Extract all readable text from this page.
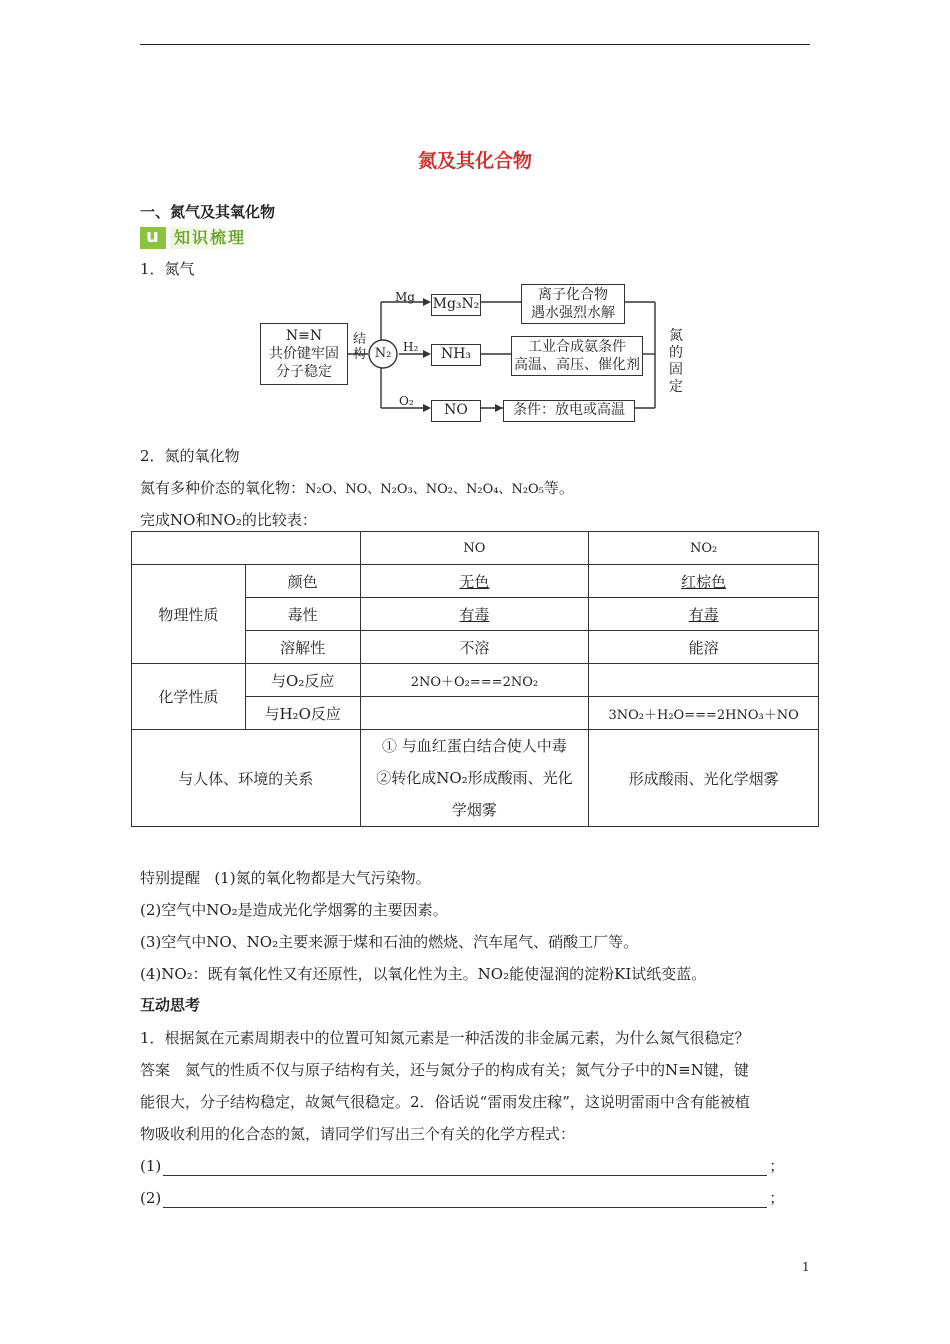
氮及其化合物
一、氮气及其氧化物
u 知识梳理
1．氮气
N≡N
共价键牢固
分子稳定
结构 N₂
Mg
H₂
O₂
Mg₃N₂
NH₃
NO
离子化合物
遇水强烈水解
工业合成氨条件
高温、高压、催化剂
条件：放电或高温
氮
的
固
定
2．氮的氧化物
氮有多种价态的氧化物：N₂O、NO、N₂O₃、NO₂、N₂O₄、N₂O₅等。
完成NO和NO₂的比较表：
		NO	NO₂
物理性质	颜色	无色	红棕色
	毒性	有毒	有毒
	溶解性	不溶	能溶
化学性质	与O₂反应	2NO＋O₂===2NO₂	
	与H₂O反应		3NO₂＋H₂O===2HNO₃＋NO
与人体、环境的关系		① 与血红蛋白结合使人中毒
②转化成NO₂形成酸雨、光化
学烟雾	形成酸雨、光化学烟雾
特别提醒 (1)氮的氧化物都是大气污染物。
(2)空气中NO₂是造成光化学烟雾的主要因素。
(3)空气中NO、NO₂主要来源于煤和石油的燃烧、汽车尾气、硝酸工厂等。
(4)NO₂：既有氧化性又有还原性，以氧化性为主。NO₂能使湿润的淀粉KI试纸变蓝。
互动思考
1．根据氮在元素周期表中的位置可知氮元素是一种活泼的非金属元素，为什么氮气很稳定？
答案　氮气的性质不仅与原子结构有关，还与氮分子的构成有关；氮气分子中的N≡N键，键
能很大，分子结构稳定，故氮气很稳定。2．俗话说“雷雨发庄稼”，这说明雷雨中含有能被植
物吸收利用的化合态的氮，请同学们写出三个有关的化学方程式：
(1)	；
(2)	；
1
